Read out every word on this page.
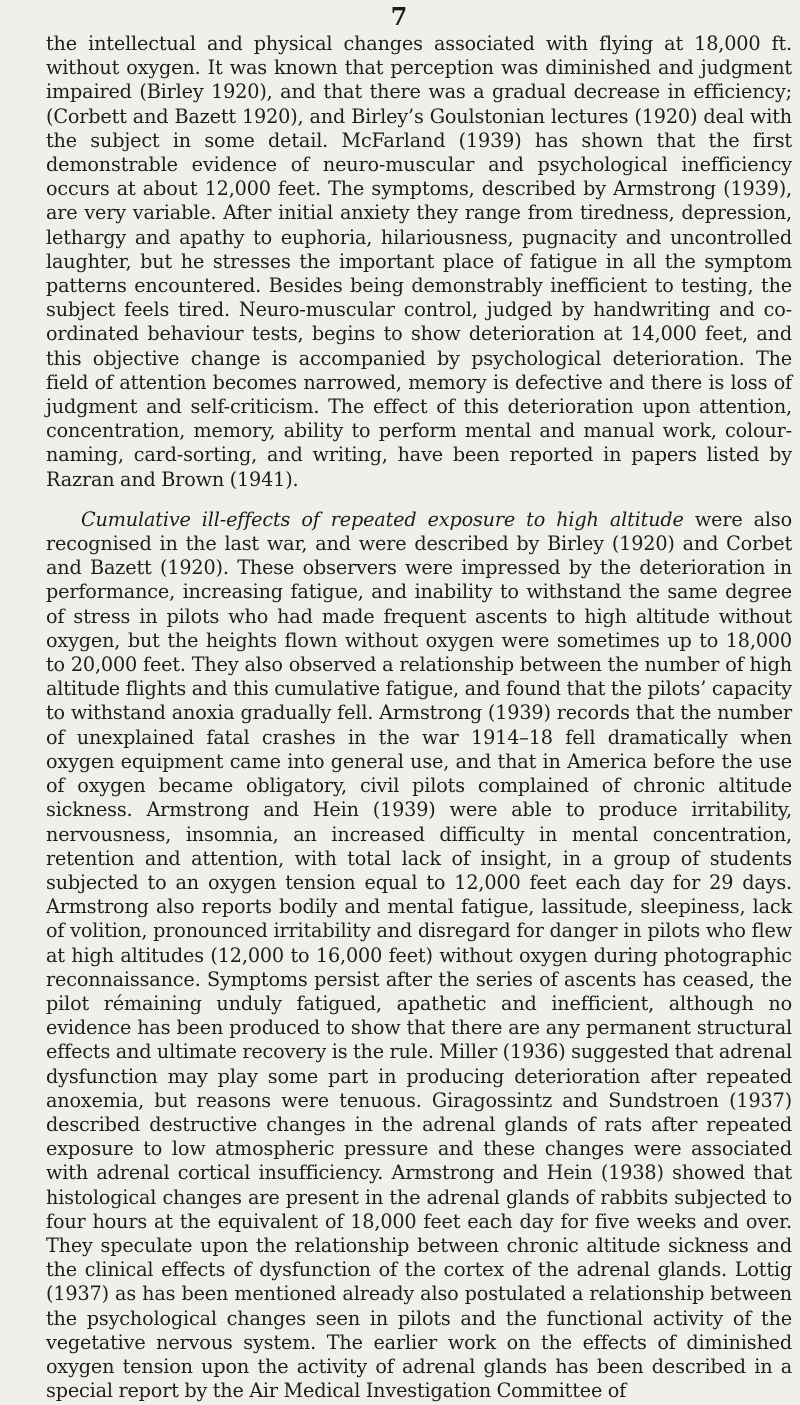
7

the intellectual and physical changes associated with flying at 18,000 ft. without oxygen. It was known that perception was diminished and judgment impaired (Birley 1920), and that there was a gradual decrease in efficiency; (Corbett and Bazett 1920), and Birley’s Goulstonian lectures (1920) deal with the subject in some detail. McFarland (1939) has shown that the first demonstrable evidence of neuro-muscular and psychological inefficiency occurs at about 12,000 feet. The symptoms, described by Armstrong (1939), are very variable. After initial anxiety they range from tiredness, depression, lethargy and apathy to euphoria, hilariousness, pugnacity and uncontrolled laughter, but he stresses the important place of fatigue in all the symptom patterns encountered. Besides being demonstrably inefficient to testing, the subject feels tired. Neuro-muscular control, judged by handwriting and co-ordinated behaviour tests, begins to show deterioration at 14,000 feet, and this objective change is accompanied by psychological deterioration. The field of attention becomes narrowed, memory is defective and there is loss of judgment and self-criticism. The effect of this deterioration upon attention, concentration, memory, ability to perform mental and manual work, colour-naming, card-sorting, and writing, have been reported in papers listed by Razran and Brown (1941).

Cumulative ill-effects of repeated exposure to high altitude were also recognised in the last war, and were described by Birley (1920) and Corbet and Bazett (1920). These observers were impressed by the deterioration in performance, increasing fatigue, and inability to withstand the same degree of stress in pilots who had made frequent ascents to high altitude without oxygen, but the heights flown without oxygen were sometimes up to 18,000 to 20,000 feet. They also observed a relationship between the number of high altitude flights and this cumulative fatigue, and found that the pilots’ capacity to withstand anoxia gradually fell. Armstrong (1939) records that the number of unexplained fatal crashes in the war 1914–18 fell dramatically when oxygen equipment came into general use, and that in America before the use of oxygen became obligatory, civil pilots complained of chronic altitude sickness. Armstrong and Hein (1939) were able to produce irritability, nervousness, insomnia, an increased difficulty in mental concentration, retention and attention, with total lack of insight, in a group of students subjected to an oxygen tension equal to 12,000 feet each day for 29 days. Armstrong also reports bodily and mental fatigue, lassitude, sleepiness, lack of volition, pronounced irritability and disregard for danger in pilots who flew at high altitudes (12,000 to 16,000 feet) without oxygen during photographic reconnaissance. Symptoms persist after the series of ascents has ceased, the pilot rémaining unduly fatigued, apathetic and inefficient, although no evidence has been produced to show that there are any permanent structural effects and ultimate recovery is the rule. Miller (1936) suggested that adrenal dysfunction may play some part in producing deterioration after repeated anoxemia, but reasons were tenuous. Giragossintz and Sundstroen (1937) described destructive changes in the adrenal glands of rats after repeated exposure to low atmospheric pressure and these changes were associated with adrenal cortical insufficiency. Armstrong and Hein (1938) showed that histological changes are present in the adrenal glands of rabbits subjected to four hours at the equivalent of 18,000 feet each day for five weeks and over. They speculate upon the relationship between chronic altitude sickness and the clinical effects of dysfunction of the cortex of the adrenal glands. Lottig (1937) as has been mentioned already also postulated a relationship between the psychological changes seen in pilots and the functional activity of the vegetative nervous system. The earlier work on the effects of diminished oxygen tension upon the activity of adrenal glands has been described in a special report by the Air Medical Investigation Committee of
